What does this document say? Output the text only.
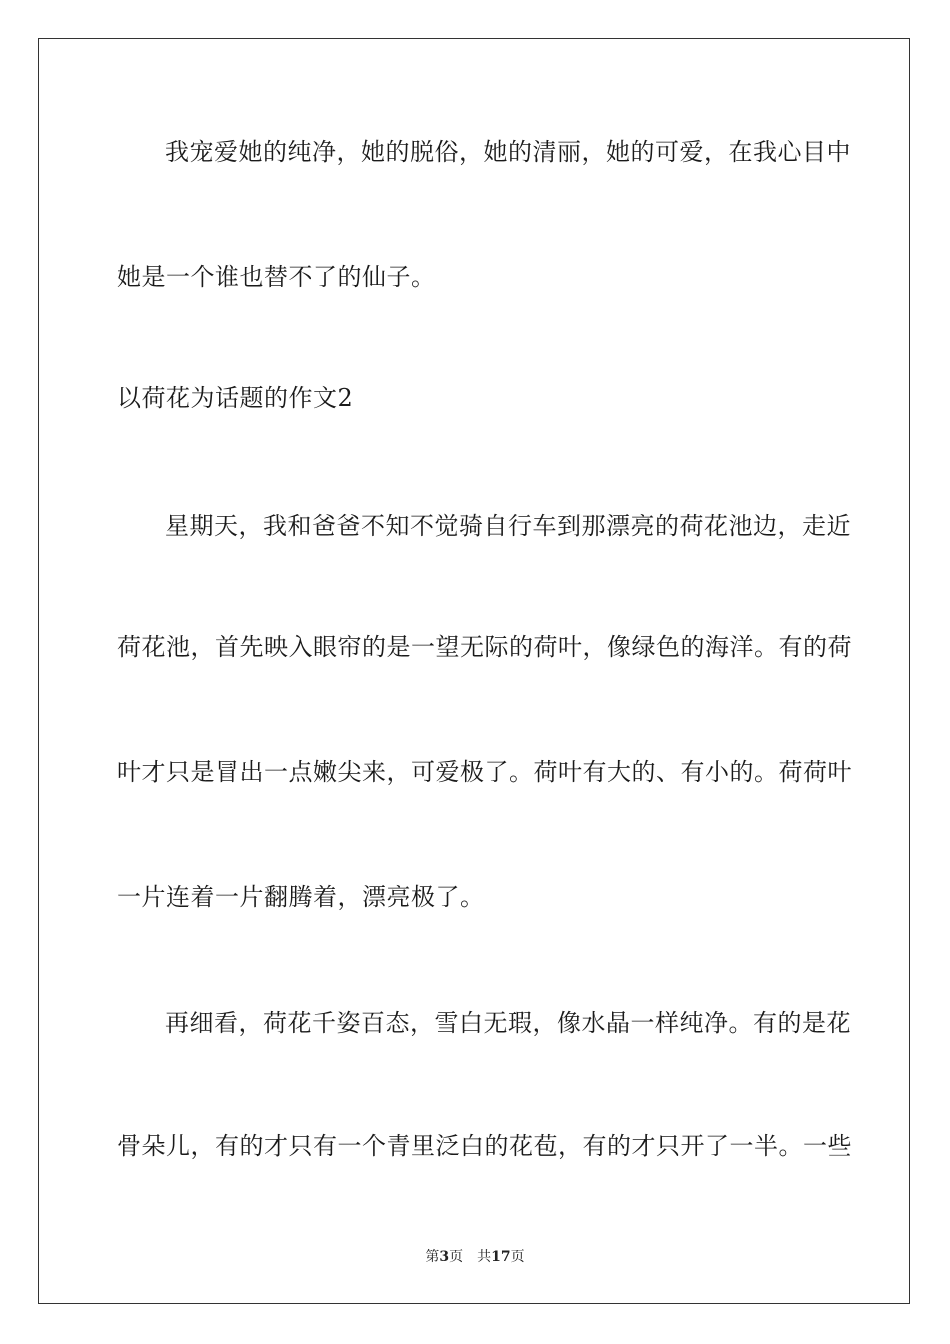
我宠爱她的纯净，她的脱俗，她的清丽，她的可爱，在我心目中
她是一个谁也替不了的仙子。
以荷花为话题的作文2
星期天，我和爸爸不知不觉骑自行车到那漂亮的荷花池边，走近
荷花池，首先映入眼帘的是一望无际的荷叶，像绿色的海洋。有的荷
叶才只是冒出一点嫩尖来，可爱极了。荷叶有大的、有小的。荷荷叶
一片连着一片翻腾着，漂亮极了。
再细看，荷花千姿百态，雪白无瑕，像水晶一样纯净。有的是花
骨朵儿，有的才只有一个青里泛白的花苞，有的才只开了一半。一些
第3页 共17页
